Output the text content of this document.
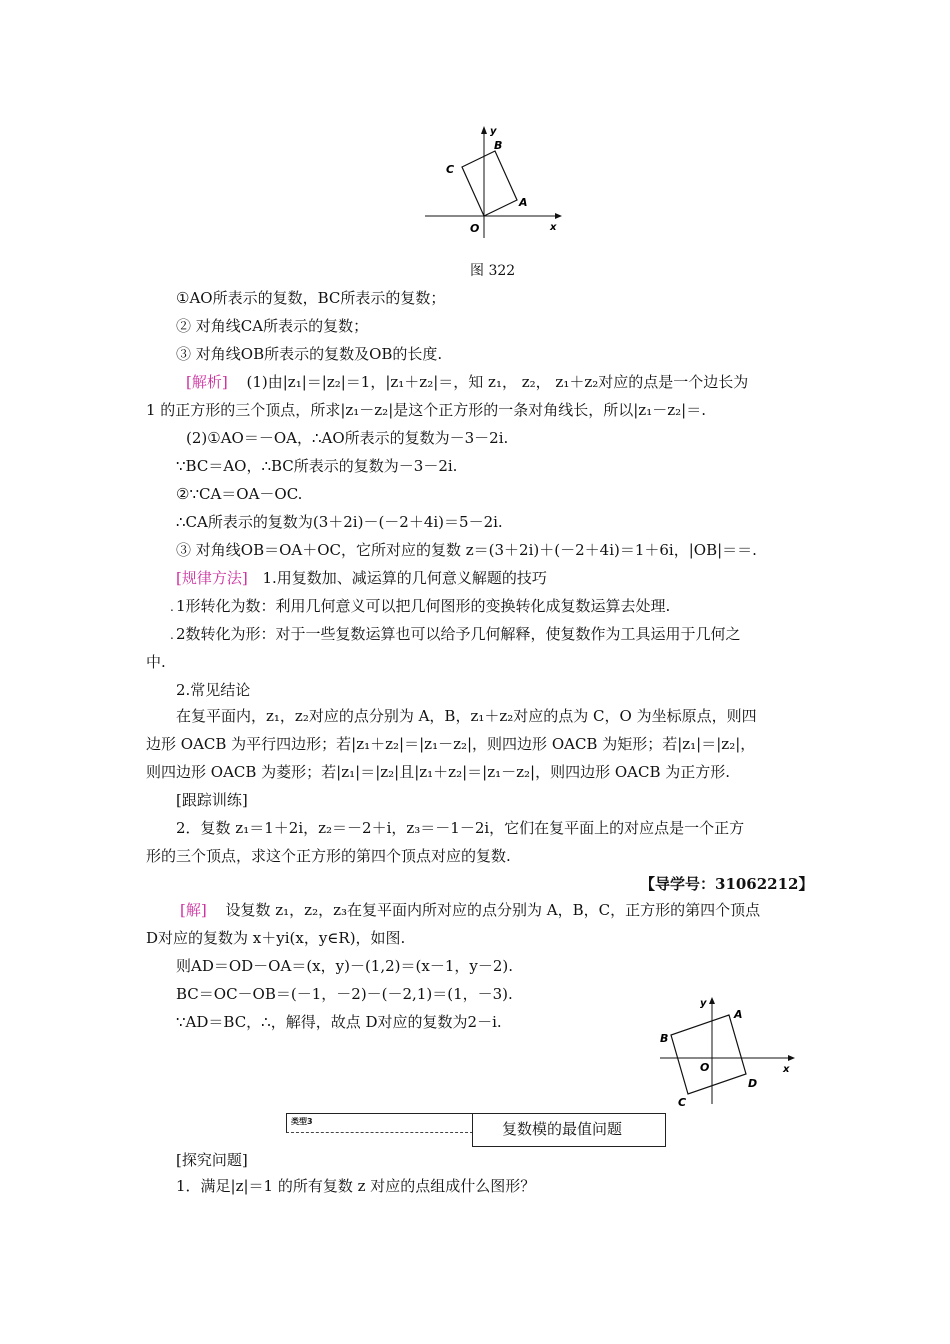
y
B
C
A
O	x
图 322
①AO所表示的复数，BC所表示的复数；
② 对角线CA所表示的复数；
③ 对角线OB所表示的复数及OB的长度.
[解析] (1)由|z₁|＝|z₂|＝1，|z₁＋z₂|＝，知 z₁， z₂， z₁＋z₂对应的点是一个边长为
1 的正方形的三个顶点，所求|z₁－z₂|是这个正方形的一条对角线长，所以|z₁－z₂|＝.
(2)①AO＝－OA，∴AO所表示的复数为－3－2i.
∵BC＝AO，∴BC所表示的复数为－3－2i.
②∵CA＝OA－OC.
∴CA所表示的复数为(3＋2i)－(－2＋4i)＝5－2i.
③ 对角线OB＝OA＋OC，它所对应的复数 z＝(3＋2i)＋(－2＋4i)＝1＋6i，|OB|＝＝.
[规律方法] 1.用复数加、减运算的几何意义解题的技巧
. 1形转化为数：利用几何意义可以把几何图形的变换转化成复数运算去处理.
. 2数转化为形：对于一些复数运算也可以给予几何解释，使复数作为工具运用于几何之
中.
2.常见结论
在复平面内，z₁，z₂对应的点分别为 A，B，z₁＋z₂对应的点为 C，O 为坐标原点，则四
边形 OACB 为平行四边形；若|z₁＋z₂|＝|z₁－z₂|，则四边形 OACB 为矩形；若|z₁|＝|z₂|，
则四边形 OACB 为菱形；若|z₁|＝|z₂|且|z₁＋z₂|＝|z₁－z₂|，则四边形 OACB 为正方形.
[跟踪训练]
2．复数 z₁＝1＋2i，z₂＝－2＋i，z₃＝－1－2i，它们在复平面上的对应点是一个正方
形的三个顶点，求这个正方形的第四个顶点对应的复数.
【导学号：31062212】
[解] 设复数 z₁，z₂，z₃在复平面内所对应的点分别为 A，B，C，正方形的第四个顶点
D对应的复数为 x＋yi(x，y∈R)，如图.
则AD＝OD－OA＝(x，y)－(1,2)＝(x－1，y－2).
BC＝OC－OB＝(－1，－2)－(－2,1)＝(1，－3).
∵AD＝BC，∴，解得，故点 D对应的复数为2－i.
y
A
B
O	x
D
C
类型3	复数模的最值问题
[探究问题]
1．满足|z|＝1 的所有复数 z 对应的点组成什么图形？
